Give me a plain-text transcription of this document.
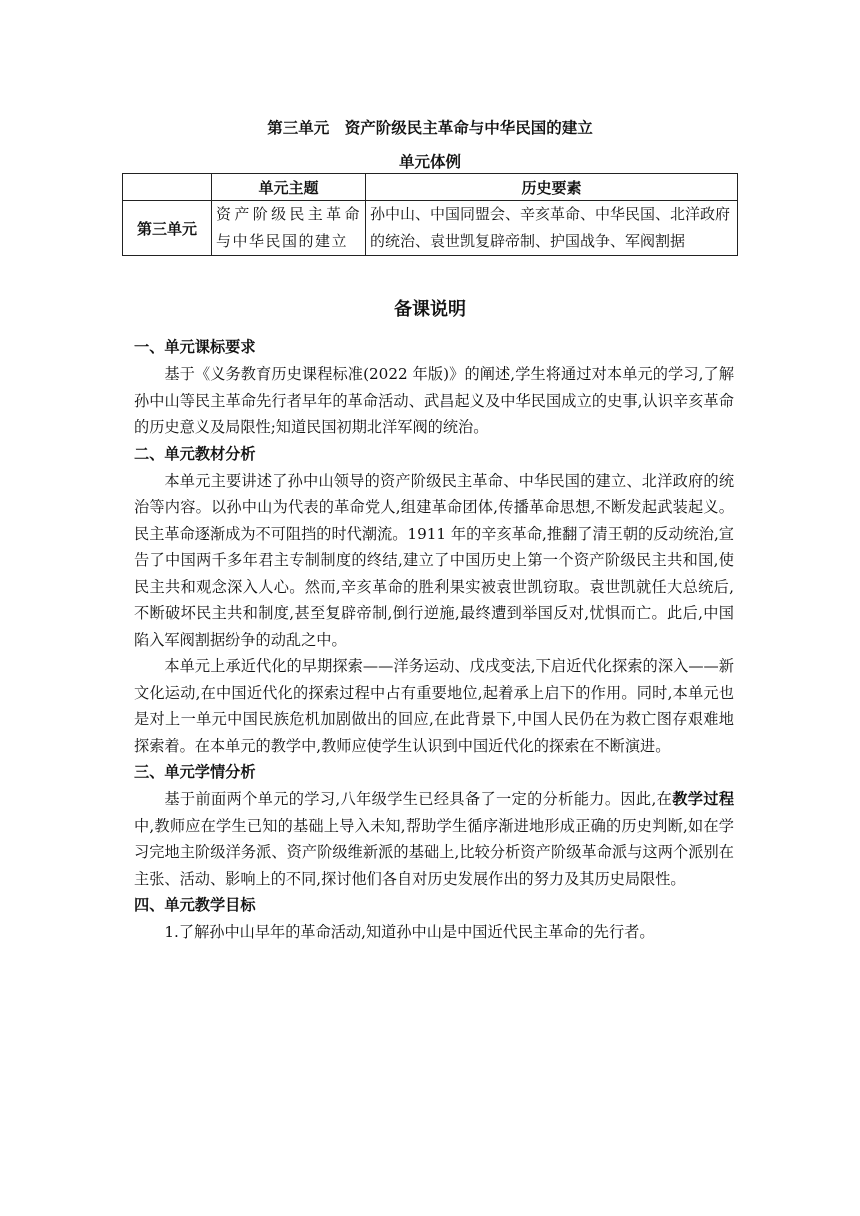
第三单元　资产阶级民主革命与中华民国的建立
单元体例
	单元主题	历史要素
第三单元	资产阶级民主革命与中华民国的建立	孙中山、中国同盟会、辛亥革命、中华民国、北洋政府的统治、袁世凯复辟帝制、护国战争、军阀割据
备课说明

一、单元课标要求

基于《义务教育历史课程标准(2022 年版)》的阐述,学生将通过对本单元的学习,了解孙中山等民主革命先行者早年的革命活动、武昌起义及中华民国成立的史事,认识辛亥革命的历史意义及局限性;知道民国初期北洋军阀的统治。

二、单元教材分析

本单元主要讲述了孙中山领导的资产阶级民主革命、中华民国的建立、北洋政府的统治等内容。以孙中山为代表的革命党人,组建革命团体,传播革命思想,不断发起武装起义。民主革命逐渐成为不可阻挡的时代潮流。1911 年的辛亥革命,推翻了清王朝的反动统治,宣告了中国两千多年君主专制制度的终结,建立了中国历史上第一个资产阶级民主共和国,使民主共和观念深入人心。然而,辛亥革命的胜利果实被袁世凯窃取。袁世凯就任大总统后,不断破坏民主共和制度,甚至复辟帝制,倒行逆施,最终遭到举国反对,忧惧而亡。此后,中国陷入军阀割据纷争的动乱之中。

本单元上承近代化的早期探索——洋务运动、戊戌变法,下启近代化探索的深入——新文化运动,在中国近代化的探索过程中占有重要地位,起着承上启下的作用。同时,本单元也是对上一单元中国民族危机加剧做出的回应,在此背景下,中国人民仍在为救亡图存艰难地探索着。在本单元的教学中,教师应使学生认识到中国近代化的探索在不断演进。

三、单元学情分析

基于前面两个单元的学习,八年级学生已经具备了一定的分析能力。因此,在教学过程中,教师应在学生已知的基础上导入未知,帮助学生循序渐进地形成正确的历史判断,如在学习完地主阶级洋务派、资产阶级维新派的基础上,比较分析资产阶级革命派与这两个派别在主张、活动、影响上的不同,探讨他们各自对历史发展作出的努力及其历史局限性。

四、单元教学目标

1.了解孙中山早年的革命活动,知道孙中山是中国近代民主革命的先行者。
